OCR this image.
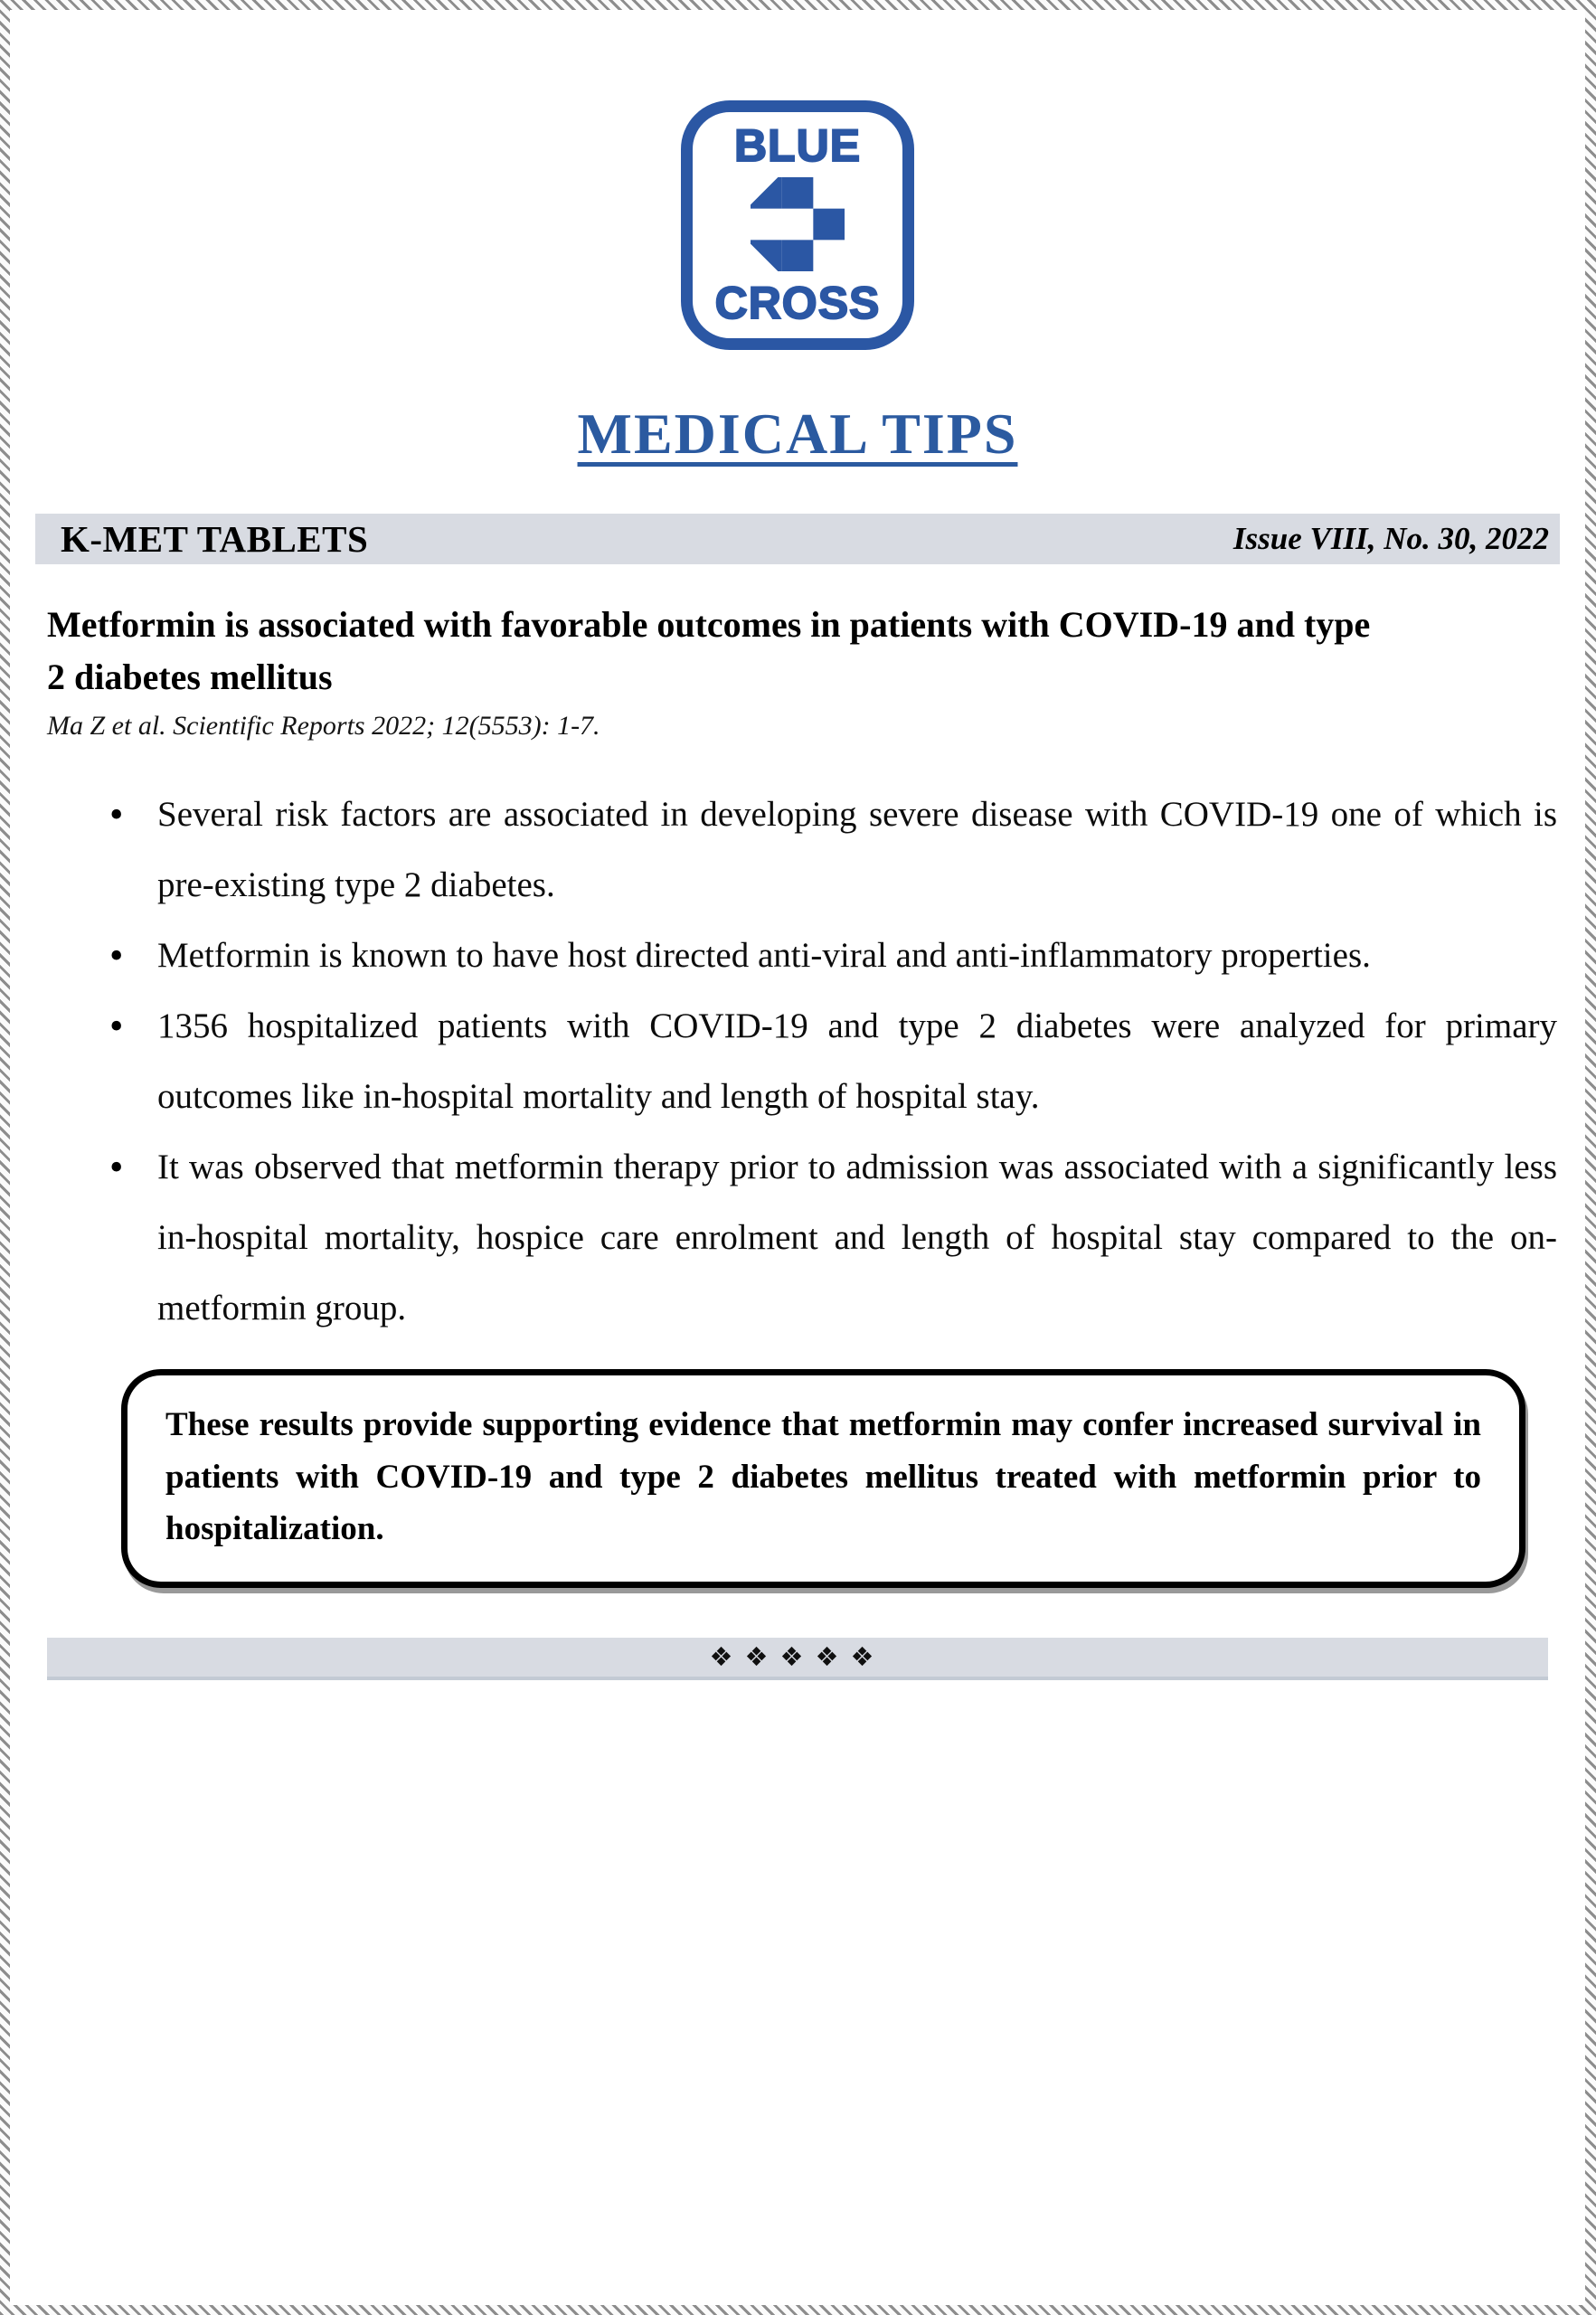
BLUE
CROSS
MEDICAL TIPS
K-MET TABLETS	Issue VIII, No. 30, 2022
Metformin is associated with favorable outcomes in patients with COVID-19 and type
2 diabetes mellitus
Ma Z et al. Scientific Reports 2022; 12(5553): 1-7.
• Several risk factors are associated in developing severe disease with COVID-19 one of which is pre-existing type 2 diabetes.
• Metformin is known to have host directed anti-viral and anti-inflammatory properties.
• 1356 hospitalized patients with COVID-19 and type 2 diabetes were analyzed for primary outcomes like in-hospital mortality and length of hospital stay.
• It was observed that metformin therapy prior to admission was associated with a significantly less in-hospital mortality, hospice care enrolment and length of hospital stay compared to the on-metformin group.
These results provide supporting evidence that metformin may confer increased survival in patients with COVID-19 and type 2 diabetes mellitus treated with metformin prior to hospitalization.
❖❖❖❖❖
